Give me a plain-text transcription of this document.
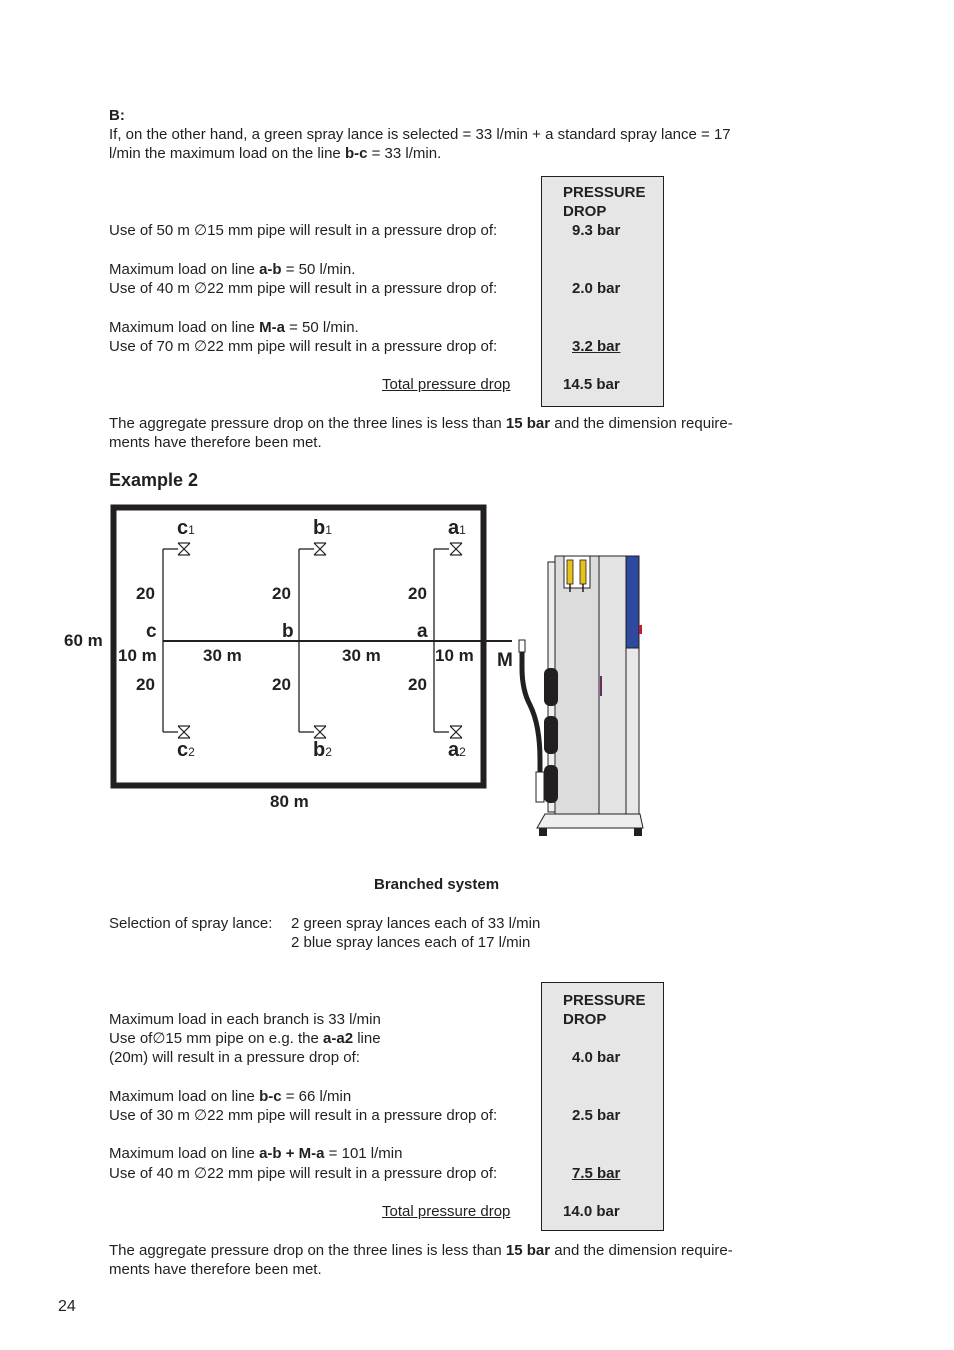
B:
If, on the other hand, a green spray lance is selected = 33 l/min + a standard spray lance = 17
l/min the maximum load on the line b-c = 33 l/min.
PRESSURE
DROP
Use of 50 m ∅15 mm pipe will result in a pressure drop of:	9.3 bar
Maximum load on line a-b = 50 l/min.
Use of 40 m ∅22 mm pipe will result in a pressure drop of:	2.0 bar
Maximum load on line M-a = 50 l/min.
Use of 70 m ∅22 mm pipe will result in a pressure drop of:	3.2 bar
Total pressure drop	14.5 bar
The aggregate pressure drop on the three lines is less than 15 bar and the dimension require-
ments have therefore been met.
Example 2
c1	b1	a1
c2	b2	a2
c	b	a
M
20	20	20
20	20	20
10 m	30 m	30 m	10 m
60 m
80 m
Branched system
Selection of spray lance: 2 green spray lances each of 33 l/min
2 blue spray lances each of 17 l/min
PRESSURE
DROP
Maximum load in each branch is 33 l/min
Use of∅15 mm pipe on e.g. the a-a2 line
(20m) will result in a pressure drop of:	4.0 bar
Maximum load on line b-c = 66 l/min
Use of 30 m ∅22 mm pipe will result in a pressure drop of:	2.5 bar
Maximum load on line a-b + M-a = 101 l/min
Use of 40 m ∅22 mm pipe will result in a pressure drop of:	7.5 bar
Total pressure drop	14.0 bar
The aggregate pressure drop on the three lines is less than 15 bar and the dimension require-
ments have therefore been met.
24
